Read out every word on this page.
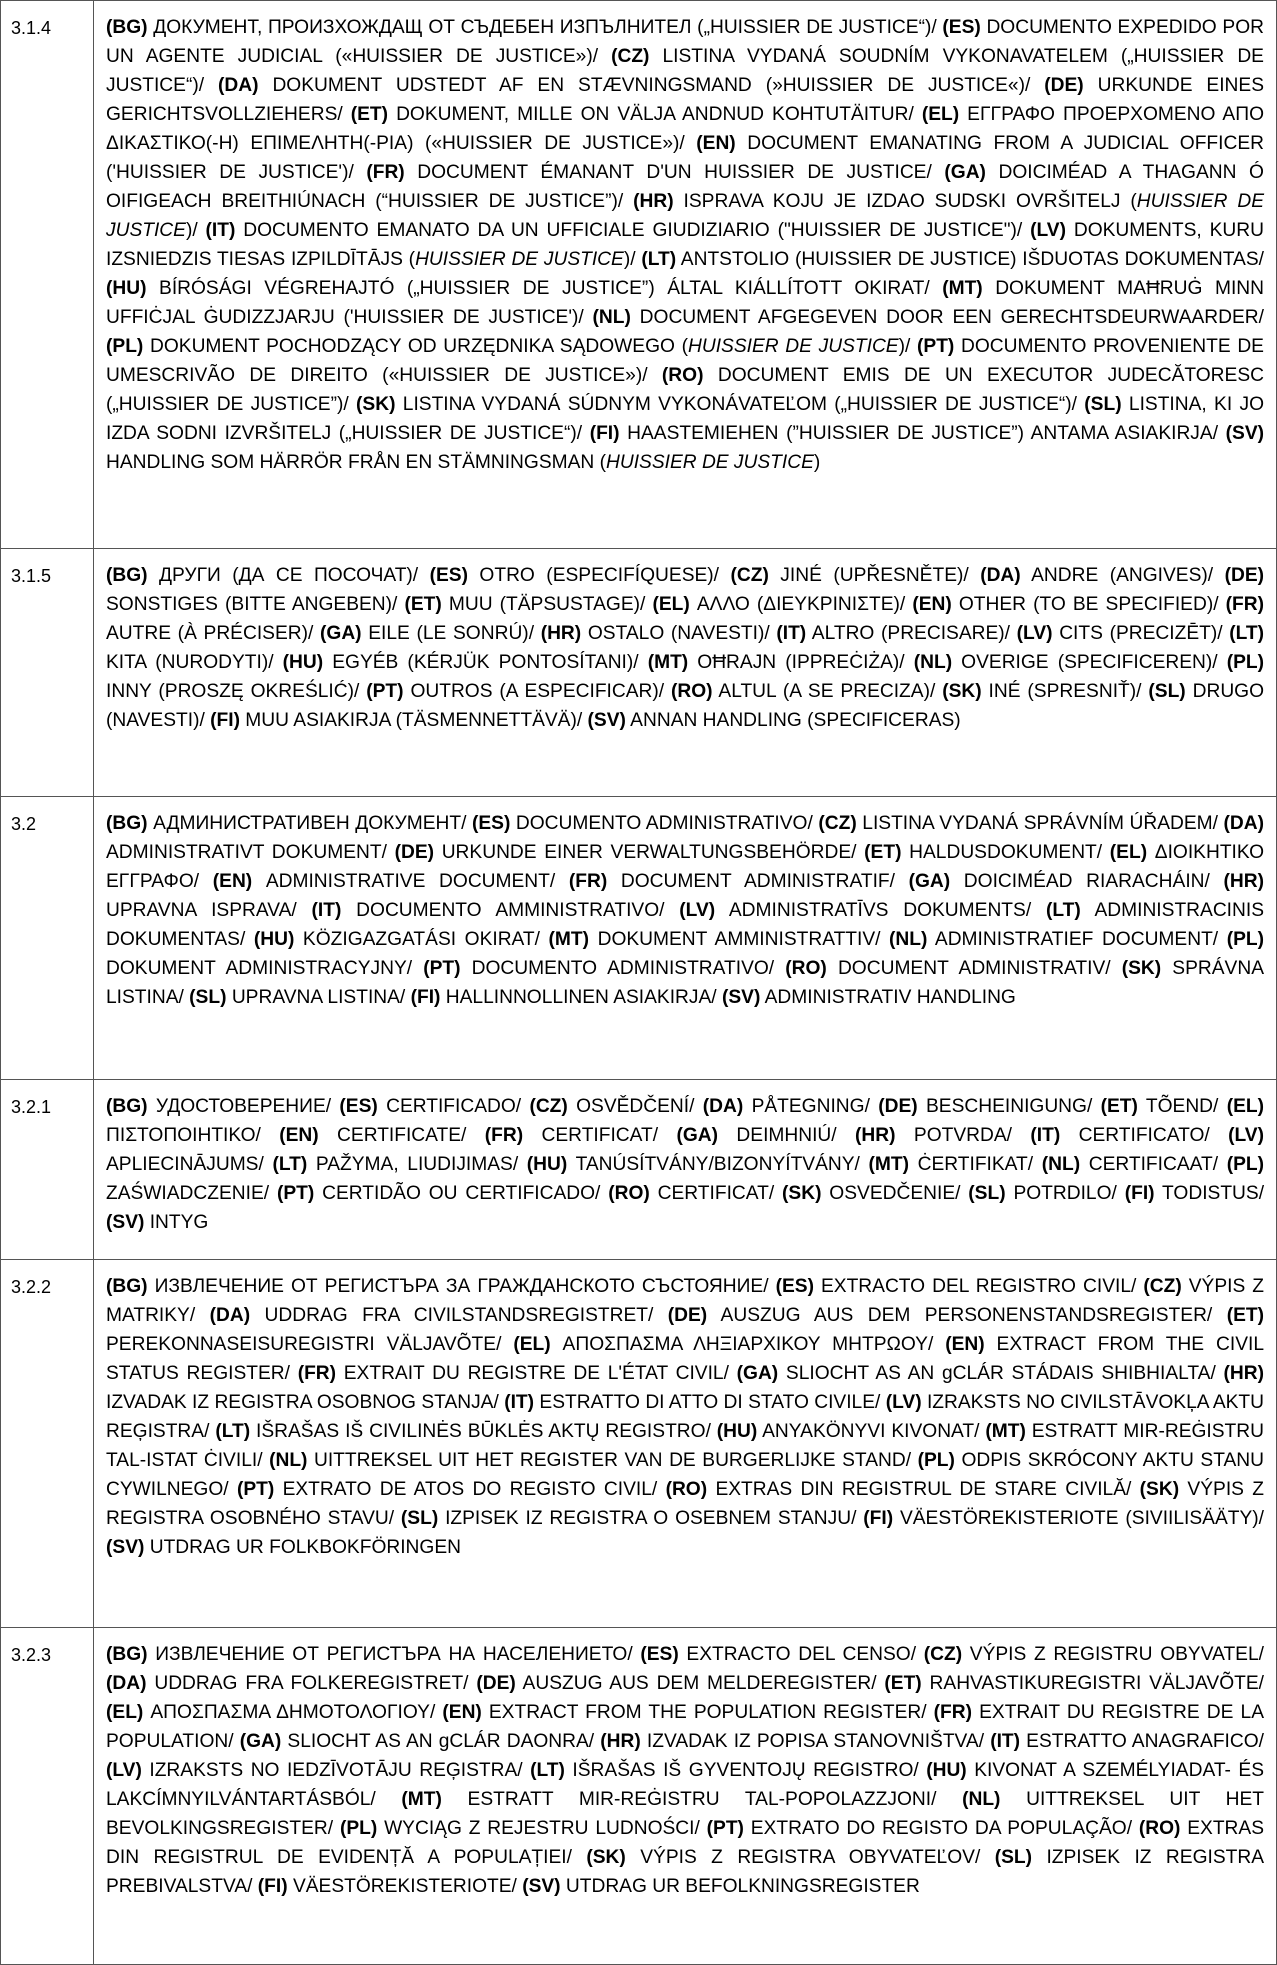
3.1.4	(BG) ДОКУМЕНТ, ПРОИЗХОЖДАЩ ОТ СЪДЕБЕН ИЗПЪЛНИТЕЛ („HUISSIER DE JUSTICE“)/ (ES) DOCUMENTO EXPEDIDO POR UN AGENTE JUDICIAL («HUISSIER DE JUSTICE»)/ (CZ) LISTINA VYDANÁ SOUDNÍM VYKONAVATELEM („HUISSIER DE JUSTICE“)/ (DA) DOKUMENT UDSTEDT AF EN STÆVNINGSMAND (»HUISSIER DE JUSTICE«)/ (DE) URKUNDE EINES GERICHTSVOLLZIEHERS/ (ET) DOKUMENT, MILLE ON VÄLJA ANDNUD KOHTUTÄITUR/ (EL) ΕΓΓΡΑΦΟ ΠΡΟΕΡΧΟΜΕΝΟ ΑΠΟ ΔΙΚΑΣΤΙΚΟ(-Η) ΕΠΙΜΕΛΗΤΗ(-ΡΙΑ) («HUISSIER DE JUSTICE»)/ (EN) DOCUMENT EMANATING FROM A JUDICIAL OFFICER ('HUISSIER DE JUSTICE')/ (FR) DOCUMENT ÉMANANT D'UN HUISSIER DE JUSTICE/ (GA) DOICIMÉAD A THAGANN Ó OIFIGEACH BREITHIÚNACH (“HUISSIER DE JUSTICE”)/ (HR) ISPRAVA KOJU JE IZDAO SUDSKI OVRŠITELJ (HUISSIER DE JUSTICE)/ (IT) DOCUMENTO EMANATO DA UN UFFICIALE GIUDIZIARIO ("HUISSIER DE JUSTICE")/ (LV) DOKUMENTS, KURU IZSNIEDZIS TIESAS IZPILDĪTĀJS (HUISSIER DE JUSTICE)/ (LT) ANTSTOLIO (HUISSIER DE JUSTICE) IŠDUOTAS DOKUMENTAS/ (HU) BÍRÓSÁGI VÉGREHAJTÓ („HUISSIER DE JUSTICE”) ÁLTAL KIÁLLÍTOTT OKIRAT/ (MT) DOKUMENT MAĦRUĠ MINN UFFIĊJAL ĠUDIZZJARJU ('HUISSIER DE JUSTICE')/ (NL) DOCUMENT AFGEGEVEN DOOR EEN GERECHTSDEURWAARDER/ (PL) DOKUMENT POCHODZĄCY OD URZĘDNIKA SĄDOWEGO (HUISSIER DE JUSTICE)/ (PT) DOCUMENTO PROVENIENTE DE UMESCRIVÃO DE DIREITO («HUISSIER DE JUSTICE»)/ (RO) DOCUMENT EMIS DE UN EXECUTOR JUDECĂTORESC („HUISSIER DE JUSTICE”)/ (SK) LISTINA VYDANÁ SÚDNYM VYKONÁVATEĽOM („HUISSIER DE JUSTICE“)/ (SL) LISTINA, KI JO IZDA SODNI IZVRŠITELJ („HUISSIER DE JUSTICE“)/ (FI) HAASTEMIEHEN (”HUISSIER DE JUSTICE”) ANTAMA ASIAKIRJA/ (SV) HANDLING SOM HÄRRÖR FRÅN EN STÄMNINGSMAN (HUISSIER DE JUSTICE)
3.1.5	(BG) ДРУГИ (ДА СЕ ПОСОЧАТ)/ (ES) OTRO (ESPECIFÍQUESE)/ (CZ) JINÉ (UPŘESNĚTE)/ (DA) ANDRE (ANGIVES)/ (DE) SONSTIGES (BITTE ANGEBEN)/ (ET) MUU (TÄPSUSTAGE)/ (EL) ΑΛΛΟ (ΔΙΕΥΚΡΙΝΙΣΤΕ)/ (EN) OTHER (TO BE SPECIFIED)/ (FR) AUTRE (À PRÉCISER)/ (GA) EILE (LE SONRÚ)/ (HR) OSTALO (NAVESTI)/ (IT) ALTRO (PRECISARE)/ (LV) CITS (PRECIZĒT)/ (LT) KITA (NURODYTI)/ (HU) EGYÉB (KÉRJÜK PONTOSÍTANI)/ (MT) OĦRAJN (IPPREĊIŻA)/ (NL) OVERIGE (SPECIFICEREN)/ (PL) INNY (PROSZĘ OKREŚLIĆ)/ (PT) OUTROS (A ESPECIFICAR)/ (RO) ALTUL (A SE PRECIZA)/ (SK) INÉ (SPRESNIŤ)/ (SL) DRUGO (NAVESTI)/ (FI) MUU ASIAKIRJA (TÄSMENNETTÄVÄ)/ (SV) ANNAN HANDLING (SPECIFICERAS)
3.2	(BG) АДМИНИСТРАТИВЕН ДОКУМЕНТ/ (ES) DOCUMENTO ADMINISTRATIVO/ (CZ) LISTINA VYDANÁ SPRÁVNÍM ÚŘADEM/ (DA) ADMINISTRATIVT DOKUMENT/ (DE) URKUNDE EINER VERWALTUNGSBEHÖRDE/ (ET) HALDUSDOKUMENT/ (EL) ΔΙΟΙΚΗΤΙΚΟ ΕΓΓΡΑΦΟ/ (EN) ADMINISTRATIVE DOCUMENT/ (FR) DOCUMENT ADMINISTRATIF/ (GA) DOICIMÉAD RIARACHÁIN/ (HR) UPRAVNA ISPRAVA/ (IT) DOCUMENTO AMMINISTRATIVO/ (LV) ADMINISTRATĪVS DOKUMENTS/ (LT) ADMINISTRACINIS DOKUMENTAS/ (HU) KÖZIGAZGATÁSI OKIRAT/ (MT) DOKUMENT AMMINISTRATTIV/ (NL) ADMINISTRATIEF DOCUMENT/ (PL) DOKUMENT ADMINISTRACYJNY/ (PT) DOCUMENTO ADMINISTRATIVO/ (RO) DOCUMENT ADMINISTRATIV/ (SK) SPRÁVNA LISTINA/ (SL) UPRAVNA LISTINA/ (FI) HALLINNOLLINEN ASIAKIRJA/ (SV) ADMINISTRATIV HANDLING
3.2.1	(BG) УДОСТОВЕРЕНИЕ/ (ES) CERTIFICADO/ (CZ) OSVĚDČENÍ/ (DA) PÅTEGNING/ (DE) BESCHEINIGUNG/ (ET) TÕEND/ (EL) ΠΙΣΤΟΠΟΙΗΤΙΚΟ/ (EN) CERTIFICATE/ (FR) CERTIFICAT/ (GA) DEIMHNIÚ/ (HR) POTVRDA/ (IT) CERTIFICATO/ (LV) APLIECINĀJUMS/ (LT) PAŽYMA, LIUDIJIMAS/ (HU) TANÚSÍTVÁNY/BIZONYÍTVÁNY/ (MT) ĊERTIFIKAT/ (NL) CERTIFICAAT/ (PL) ZAŚWIADCZENIE/ (PT) CERTIDÃO OU CERTIFICADO/ (RO) CERTIFICAT/ (SK) OSVEDČENIE/ (SL) POTRDILO/ (FI) TODISTUS/ (SV) INTYG
3.2.2	(BG) ИЗВЛЕЧЕНИЕ ОТ РЕГИСТЪРА ЗА ГРАЖДАНСКОТО СЪСТОЯНИЕ/ (ES) EXTRACTO DEL REGISTRO CIVIL/ (CZ) VÝPIS Z MATRIKY/ (DA) UDDRAG FRA CIVILSTANDSREGISTRET/ (DE) AUSZUG AUS DEM PERSONENSTANDSREGISTER/ (ET) PEREKONNASEISUREGISTRI VÄLJAVÕTE/ (EL) ΑΠΟΣΠΑΣΜΑ ΛΗΞΙΑΡΧΙΚΟΥ ΜΗΤΡΩΟΥ/ (EN) EXTRACT FROM THE CIVIL STATUS REGISTER/ (FR) EXTRAIT DU REGISTRE DE L'ÉTAT CIVIL/ (GA) SLIOCHT AS AN gCLÁR STÁDAIS SHIBHIALTA/ (HR) IZVADAK IZ REGISTRA OSOBNOG STANJA/ (IT) ESTRATTO DI ATTO DI STATO CIVILE/ (LV) IZRAKSTS NO CIVILSTĀVOKĻA AKTU REĢISTRA/ (LT) IŠRAŠAS IŠ CIVILINĖS BŪKLĖS AKTŲ REGISTRO/ (HU) ANYAKÖNYVI KIVONAT/ (MT) ESTRATT MIR-REĠISTRU TAL-ISTAT ĊIVILI/ (NL) UITTREKSEL UIT HET REGISTER VAN DE BURGERLIJKE STAND/ (PL) ODPIS SKRÓCONY AKTU STANU CYWILNEGO/ (PT) EXTRATO DE ATOS DO REGISTO CIVIL/ (RO) EXTRAS DIN REGISTRUL DE STARE CIVILĂ/ (SK) VÝPIS Z REGISTRA OSOBNÉHO STAVU/ (SL) IZPISEK IZ REGISTRA O OSEBNEM STANJU/ (FI) VÄESTÖREKISTERIOTE (SIVIILISÄÄTY)/ (SV) UTDRAG UR FOLKBOKFÖRINGEN
3.2.3	(BG) ИЗВЛЕЧЕНИЕ ОТ РЕГИСТЪРА НА НАСЕЛЕНИЕТО/ (ES) EXTRACTO DEL CENSO/ (CZ) VÝPIS Z REGISTRU OBYVATEL/ (DA) UDDRAG FRA FOLKEREGISTRET/ (DE) AUSZUG AUS DEM MELDEREGISTER/ (ET) RAHVASTIKUREGISTRI VÄLJAVÕTE/ (EL) ΑΠΟΣΠΑΣΜΑ ΔΗΜΟΤΟΛΟΓΙΟΥ/ (EN) EXTRACT FROM THE POPULATION REGISTER/ (FR) EXTRAIT DU REGISTRE DE LA POPULATION/ (GA) SLIOCHT AS AN gCLÁR DAONRA/ (HR) IZVADAK IZ POPISA STANOVNIŠTVA/ (IT) ESTRATTO ANAGRAFICO/ (LV) IZRAKSTS NO IEDZĪVOTĀJU REĢISTRA/ (LT) IŠRAŠAS IŠ GYVENTOJŲ REGISTRO/ (HU) KIVONAT A SZEMÉLYIADAT- ÉS LAKCÍMNYILVÁNTARTÁSBÓL/ (MT) ESTRATT MIR-REĠISTRU TAL-POPOLAZZJONI/ (NL) UITTREKSEL UIT HET BEVOLKINGSREGISTER/ (PL) WYCIĄG Z REJESTRU LUDNOŚCI/ (PT) EXTRATO DO REGISTO DA POPULAÇÃO/ (RO) EXTRAS DIN REGISTRUL DE EVIDENȚĂ A POPULAȚIEI/ (SK) VÝPIS Z REGISTRA OBYVATEĽOV/ (SL) IZPISEK IZ REGISTRA PREBIVALSTVA/ (FI) VÄESTÖREKISTERIOTE/ (SV) UTDRAG UR BEFOLKNINGSREGISTER
